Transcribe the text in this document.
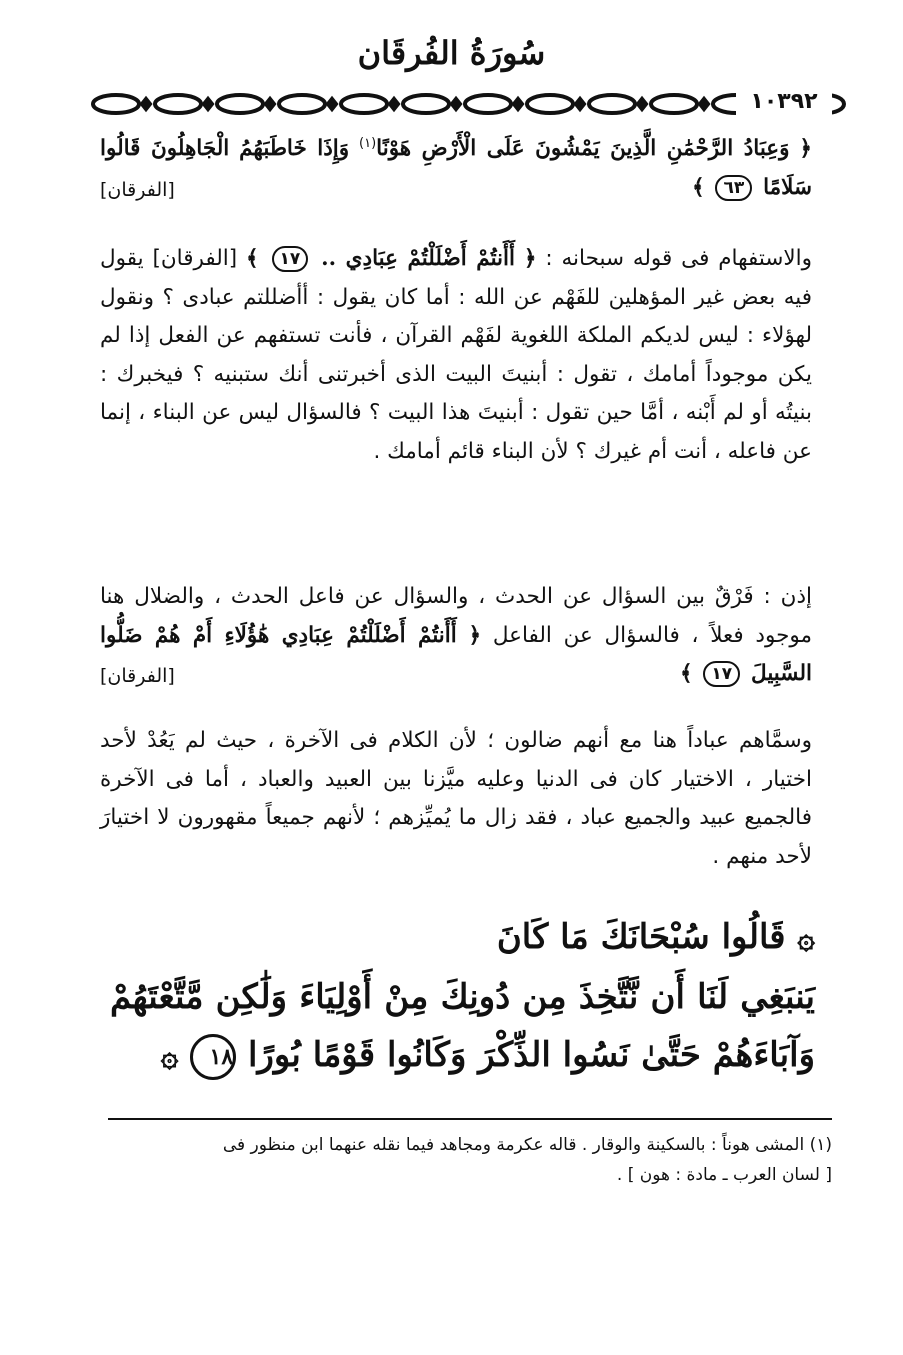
سُورَةُ الفُرقَان
١٠٣٩٢

﴿ وَعِبَادُ الرَّحْمَٰنِ الَّذِينَ يَمْشُونَ عَلَى الْأَرْضِ هَوْنًا$^{(١)}$ وَإِذَا خَاطَبَهُمُ الْجَاهِلُونَ قَالُوا سَلَامًا ٦٣ ﴾
[الفرقان]

والاستفهام فى قوله سبحانه : ﴿ أَأَنتُمْ أَضْلَلْتُمْ عِبَادِي .. ١٧ ﴾ [الفرقان] يقول فيه بعض غير المؤهلين للفَهْم عن الله : أما كان يقول : أأضللتم عبادى ؟ ونقول لهؤلاء : ليس لديكم الملكة اللغوية لفَهْم القرآن ، فأنت تستفهم عن الفعل إذا لم يكن موجوداً أمامك ، تقول : أبنيتَ البيت الذى أخبرتنى أنك ستبنيه ؟ فيخبرك : بنيتُه أو لم أَبْنه ، أمَّا حين تقول : أبنيتَ هذا البيت ؟ فالسؤال ليس عن البناء ، إنما عن فاعله ، أنت أم غيرك ؟ لأن البناء قائم أمامك .

إذن : فَرْقٌ بين السؤال عن الحدث ، والسؤال عن فاعل الحدث ، والضلال هنا موجود فعلاً ، فالسؤال عن الفاعل ﴿ أَأَنتُمْ أَضْلَلْتُمْ عِبَادِي هَٰؤُلَاءِ أَمْ هُمْ ضَلُّوا السَّبِيلَ ١٧ ﴾
[الفرقان]

وسمَّاهم عباداً هنا مع أنهم ضالون ؛ لأن الكلام فى الآخرة ، حيث لم يَعُدْ لأحد اختيار ، الاختيار كان فى الدنيا وعليه ميَّزنا بين العبيد والعباد ، أما فى الآخرة فالجميع عبيد والجميع عباد ، فقد زال ما يُميِّزهم ؛ لأنهم جميعاً مقهورون لا اختيارَ لأحد منهم .

۞ قَالُوا سُبْحَانَكَ مَا كَانَ
يَنبَغِي لَنَا أَن نَّتَّخِذَ مِن دُونِكَ مِنْ أَوْلِيَاءَ وَلَٰكِن مَّتَّعْتَهُمْ
وَآبَاءَهُمْ حَتَّىٰ نَسُوا الذِّكْرَ وَكَانُوا قَوْمًا بُورًا ١٨ ۞
(١) المشى هوناً : بالسكينة والوقار . قاله عكرمة ومجاهد فيما نقله عنهما ابن منظور فى
[ لسان العرب ـ مادة : هون ] .
